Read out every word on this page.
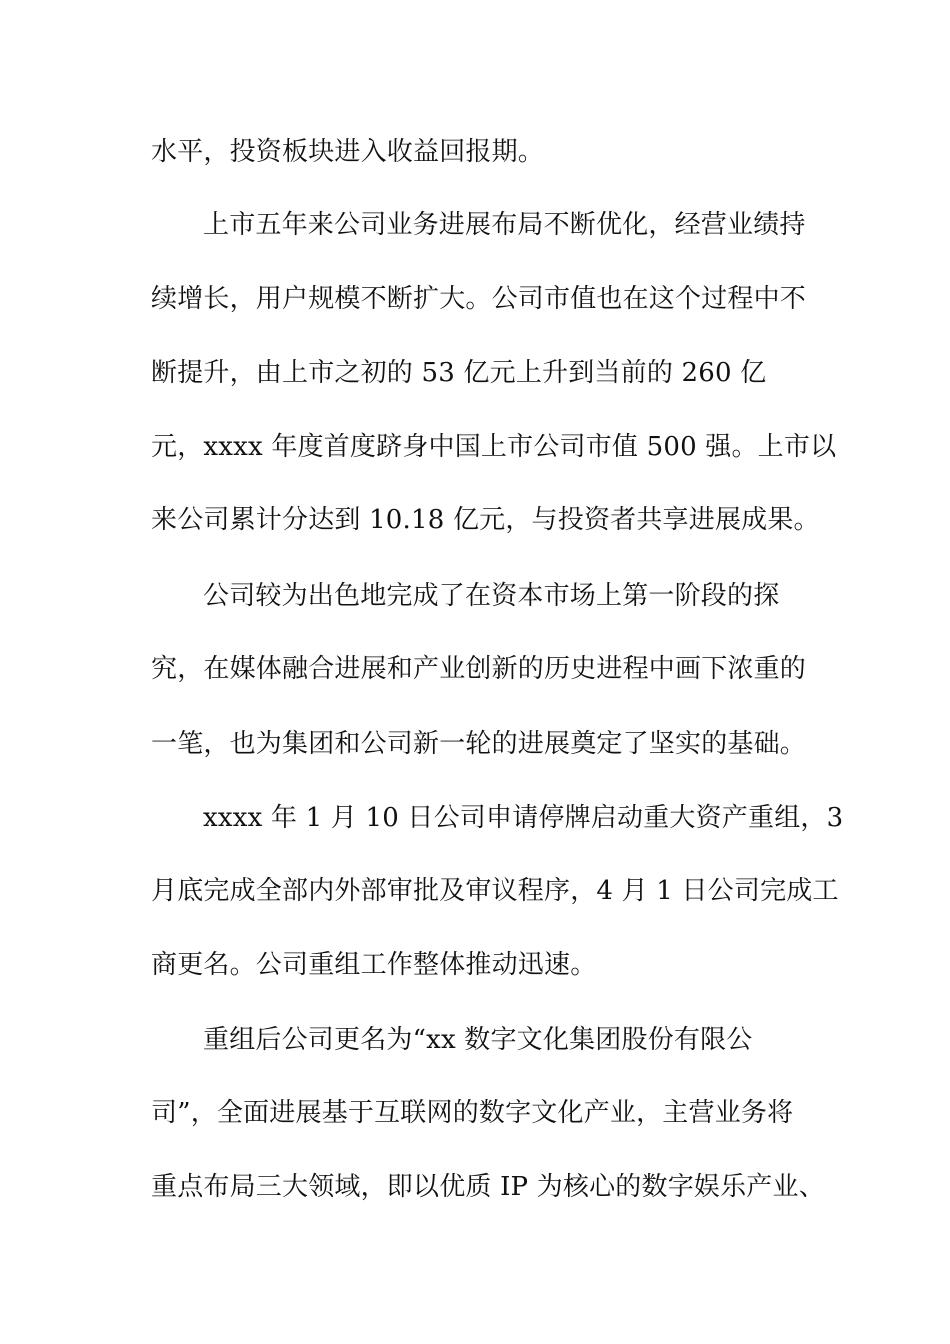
水平，投资板块进入收益回报期。
上市五年来公司业务进展布局不断优化，经营业绩持
续增长，用户规模不断扩大。公司市值也在这个过程中不
断提升，由上市之初的 53 亿元上升到当前的 260 亿
元，xxxx 年度首度跻身中国上市公司市值 500 强。上市以
来公司累计分达到 10.18 亿元，与投资者共享进展成果。
公司较为出色地完成了在资本市场上第一阶段的探
究，在媒体融合进展和产业创新的历史进程中画下浓重的
一笔，也为集团和公司新一轮的进展奠定了坚实的基础。
xxxx 年 1 月 10 日公司申请停牌启动重大资产重组，3
月底完成全部内外部审批及审议程序，4 月 1 日公司完成工
商更名。公司重组工作整体推动迅速。
重组后公司更名为“xx 数字文化集团股份有限公
司”，全面进展基于互联网的数字文化产业，主营业务将
重点布局三大领域，即以优质 IP 为核心的数字娱乐产业、
